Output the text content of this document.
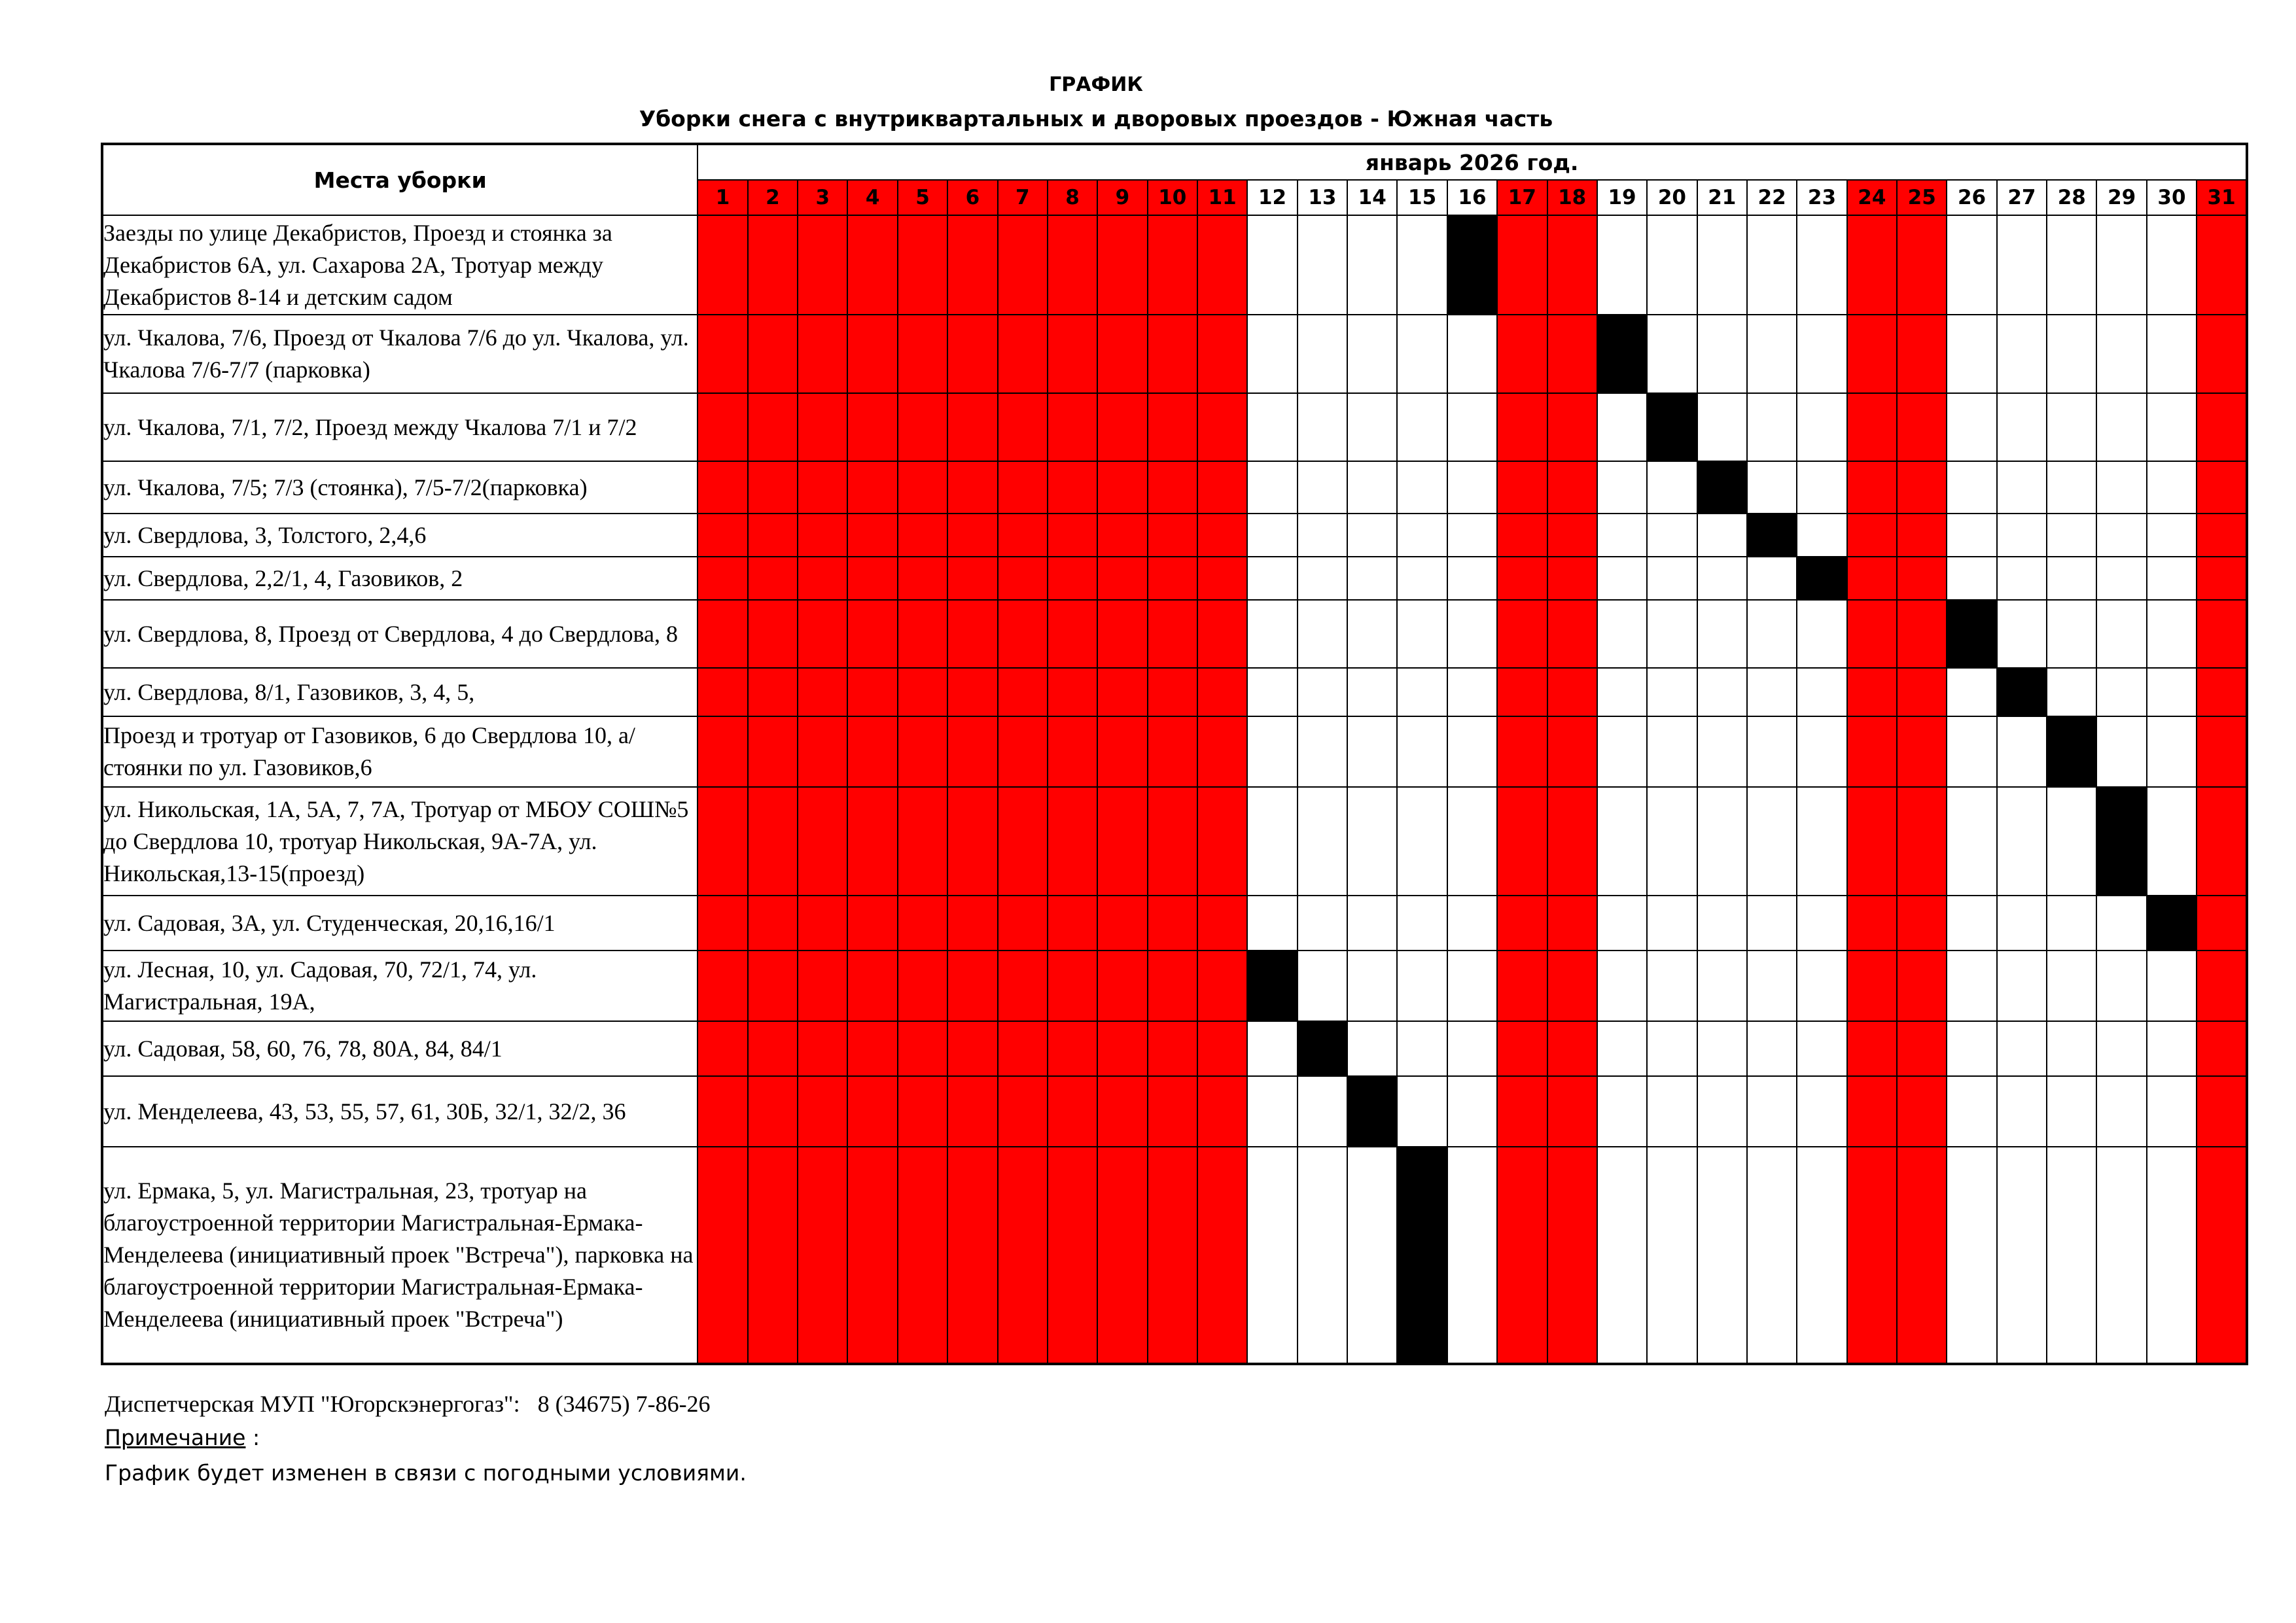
ГРАФИК
Уборки снега с внутриквартальных и дворовых проездов - Южная часть
Места уборки	январь 2026 год.																														
	1	2	3	4	5	6	7	8	9	10	11	12	13	14	15	16	17	18	19	20	21	22	23	24	25	26	27	28	29	30	31
Заезды по улице Декабристов, Проезд и стоянка за Декабристов 6А, ул. Сахарова 2А, Тротуар между Декабристов 8-14 и детским садом																															
ул. Чкалова, 7/6, Проезд от Чкалова 7/6 до ул. Чкалова, ул. Чкалова 7/6-7/7 (парковка)																															
ул. Чкалова, 7/1, 7/2, Проезд между Чкалова 7/1 и 7/2																															
ул. Чкалова, 7/5; 7/3 (стоянка), 7/5-7/2(парковка)																															
ул. Свердлова, 3, Толстого, 2,4,6																															
ул. Свердлова, 2,2/1, 4, Газовиков, 2																															
ул. Свердлова, 8, Проезд от Свердлова, 4 до Свердлова, 8																															
ул. Свердлова, 8/1, Газовиков, 3, 4, 5,																															
Проезд и тротуар от Газовиков, 6 до Свердлова 10, а/стоянки по ул. Газовиков,6																															
ул. Никольская, 1А, 5А, 7, 7А, Тротуар от МБОУ СОШ№5 до Свердлова 10, тротуар Никольская, 9А-7А, ул. Никольская,13-15(проезд)																															
ул. Садовая, 3А, ул. Студенческая, 20,16,16/1																															
ул. Лесная, 10, ул. Садовая, 70, 72/1, 74, ул. Магистральная, 19А,																															
ул. Садовая, 58, 60, 76, 78, 80А, 84, 84/1																															
ул. Менделеева, 43, 53, 55, 57, 61, 30Б, 32/1, 32/2, 36																															
ул. Ермака, 5, ул. Магистральная, 23, тротуар на благоустроенной территории Магистральная-Ермака-Менделеева (инициативный проек "Встреча"), парковка на благоустроенной территории Магистральная-Ермака-Менделеева (инициативный проек "Встреча")																															

Диспетчерская МУП "Югорскэнергогаз":   8 (34675) 7-86-26

Примечание :

График будет изменен в связи с погодными условиями.
